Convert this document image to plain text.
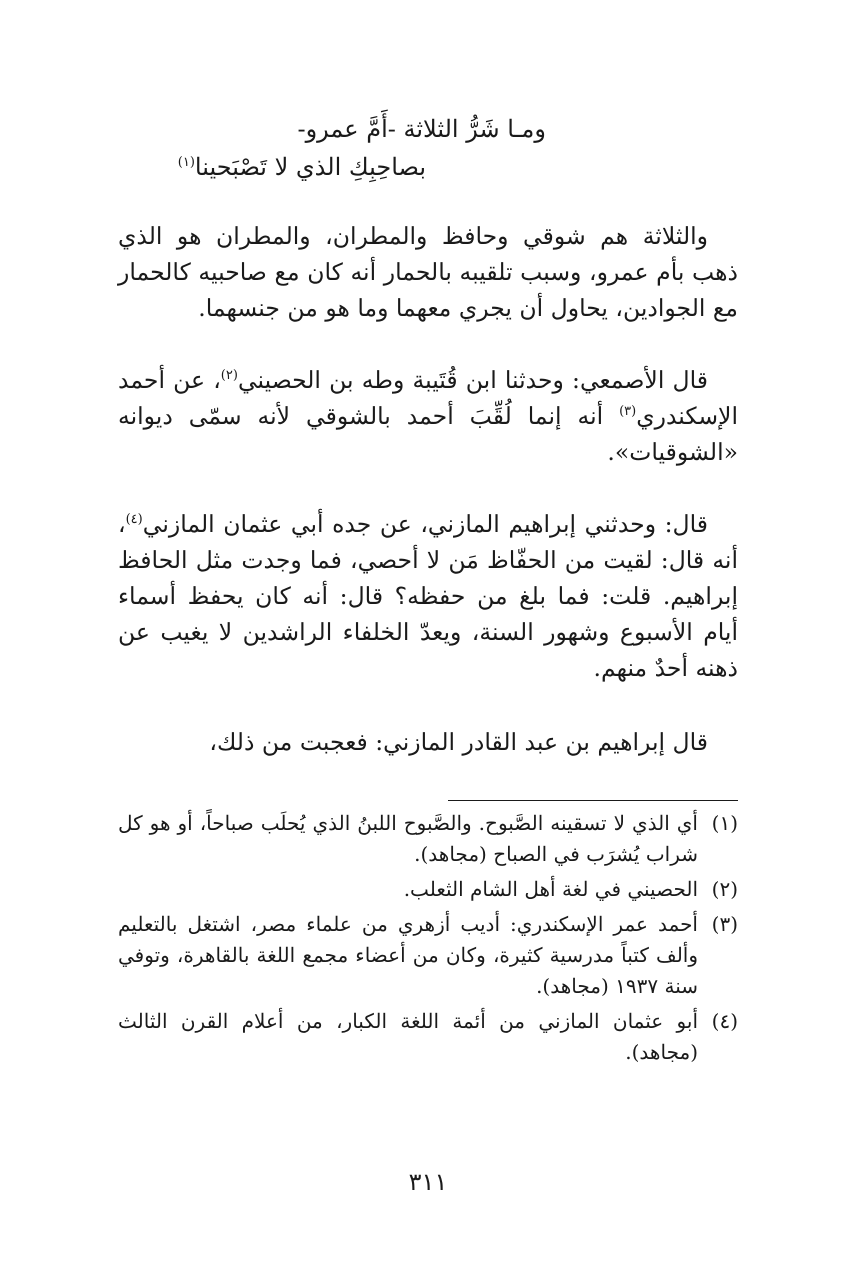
ومـا شَرُّ الثلاثة -أَمَّ عمرو-
بصاحِبِكِ الذي لا تَصْبَحينا$^{(١)}$

والثلاثة هم شوقي وحافظ والمطران، والمطران هو الذي ذهب بأم عمرو، وسبب تلقيبه بالحمار أنه كان مع صاحبيه كالحمار مع الجوادين، يحاول أن يجري معهما وما هو من جنسهما.

قال الأصمعي: وحدثنا ابن قُتَيبة وطه بن الحصيني$^{(٢)}$، عن أحمد الإسكندري$^{(٣)}$ أنه إنما لُقِّبَ أحمد بالشوقي لأنه سمّى ديوانه «الشوقيات».

قال: وحدثني إبراهيم المازني، عن جده أبي عثمان المازني$^{(٤)}$، أنه قال: لقيت من الحفّاظ مَن لا أحصي، فما وجدت مثل الحافظ إبراهيم. قلت: فما بلغ من حفظه؟ قال: أنه كان يحفظ أسماء أيام الأسبوع وشهور السنة، ويعدّ الخلفاء الراشدين لا يغيب عن ذهنه أحدٌ منهم.

قال إبراهيم بن عبد القادر المازني: فعجبت من ذلك،

(١)
أي الذي لا تسقينه الصَّبوح. والصَّبوح اللبنُ الذي يُحلَب صباحاً، أو هو كل شراب يُشرَب في الصباح (مجاهد).
(٢)
الحصيني في لغة أهل الشام الثعلب.
(٣)
أحمد عمر الإسكندري: أديب أزهري من علماء مصر، اشتغل بالتعليم وألف كتباً مدرسية كثيرة، وكان من أعضاء مجمع اللغة بالقاهرة، وتوفي سنة ١٩٣٧ (مجاهد).
(٤)
أبو عثمان المازني من أئمة اللغة الكبار، من أعلام القرن الثالث (مجاهد).
٣١١
